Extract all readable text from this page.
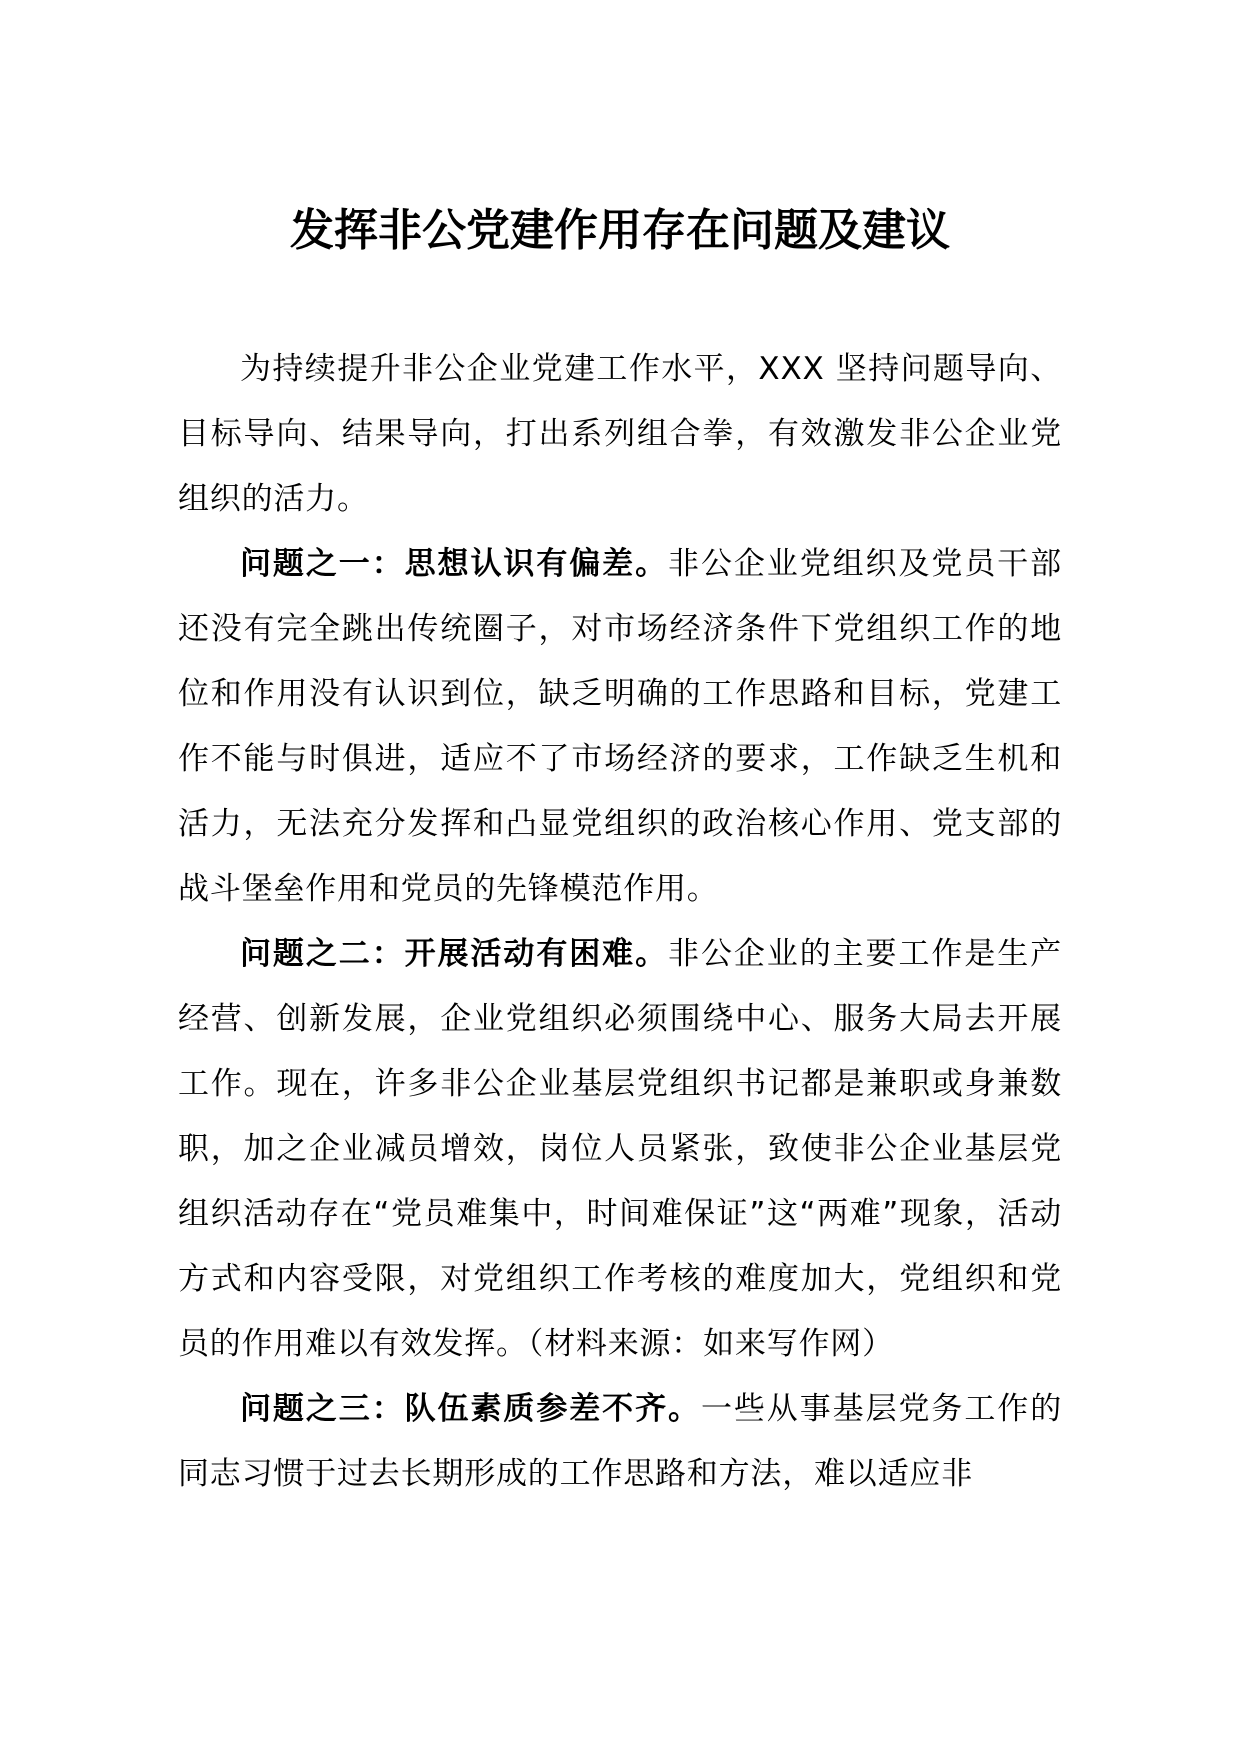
发挥非公党建作用存在问题及建议

为持续提升非公企业党建工作水平，XXX 坚持问题导向、目标导向、结果导向，打出系列组合拳，有效激发非公企业党组织的活力。

问题之一：思想认识有偏差。非公企业党组织及党员干部还没有完全跳出传统圈子，对市场经济条件下党组织工作的地位和作用没有认识到位，缺乏明确的工作思路和目标，党建工作不能与时俱进，适应不了市场经济的要求，工作缺乏生机和活力，无法充分发挥和凸显党组织的政治核心作用、党支部的战斗堡垒作用和党员的先锋模范作用。

问题之二：开展活动有困难。非公企业的主要工作是生产经营、创新发展，企业党组织必须围绕中心、服务大局去开展工作。现在，许多非公企业基层党组织书记都是兼职或身兼数职，加之企业减员增效，岗位人员紧张，致使非公企业基层党组织活动存在“党员难集中，时间难保证”这“两难”现象，活动方式和内容受限，对党组织工作考核的难度加大，党组织和党员的作用难以有效发挥。（材料来源：如来写作网）

问题之三：队伍素质参差不齐。一些从事基层党务工作的同志习惯于过去长期形成的工作思路和方法，难以适应非
